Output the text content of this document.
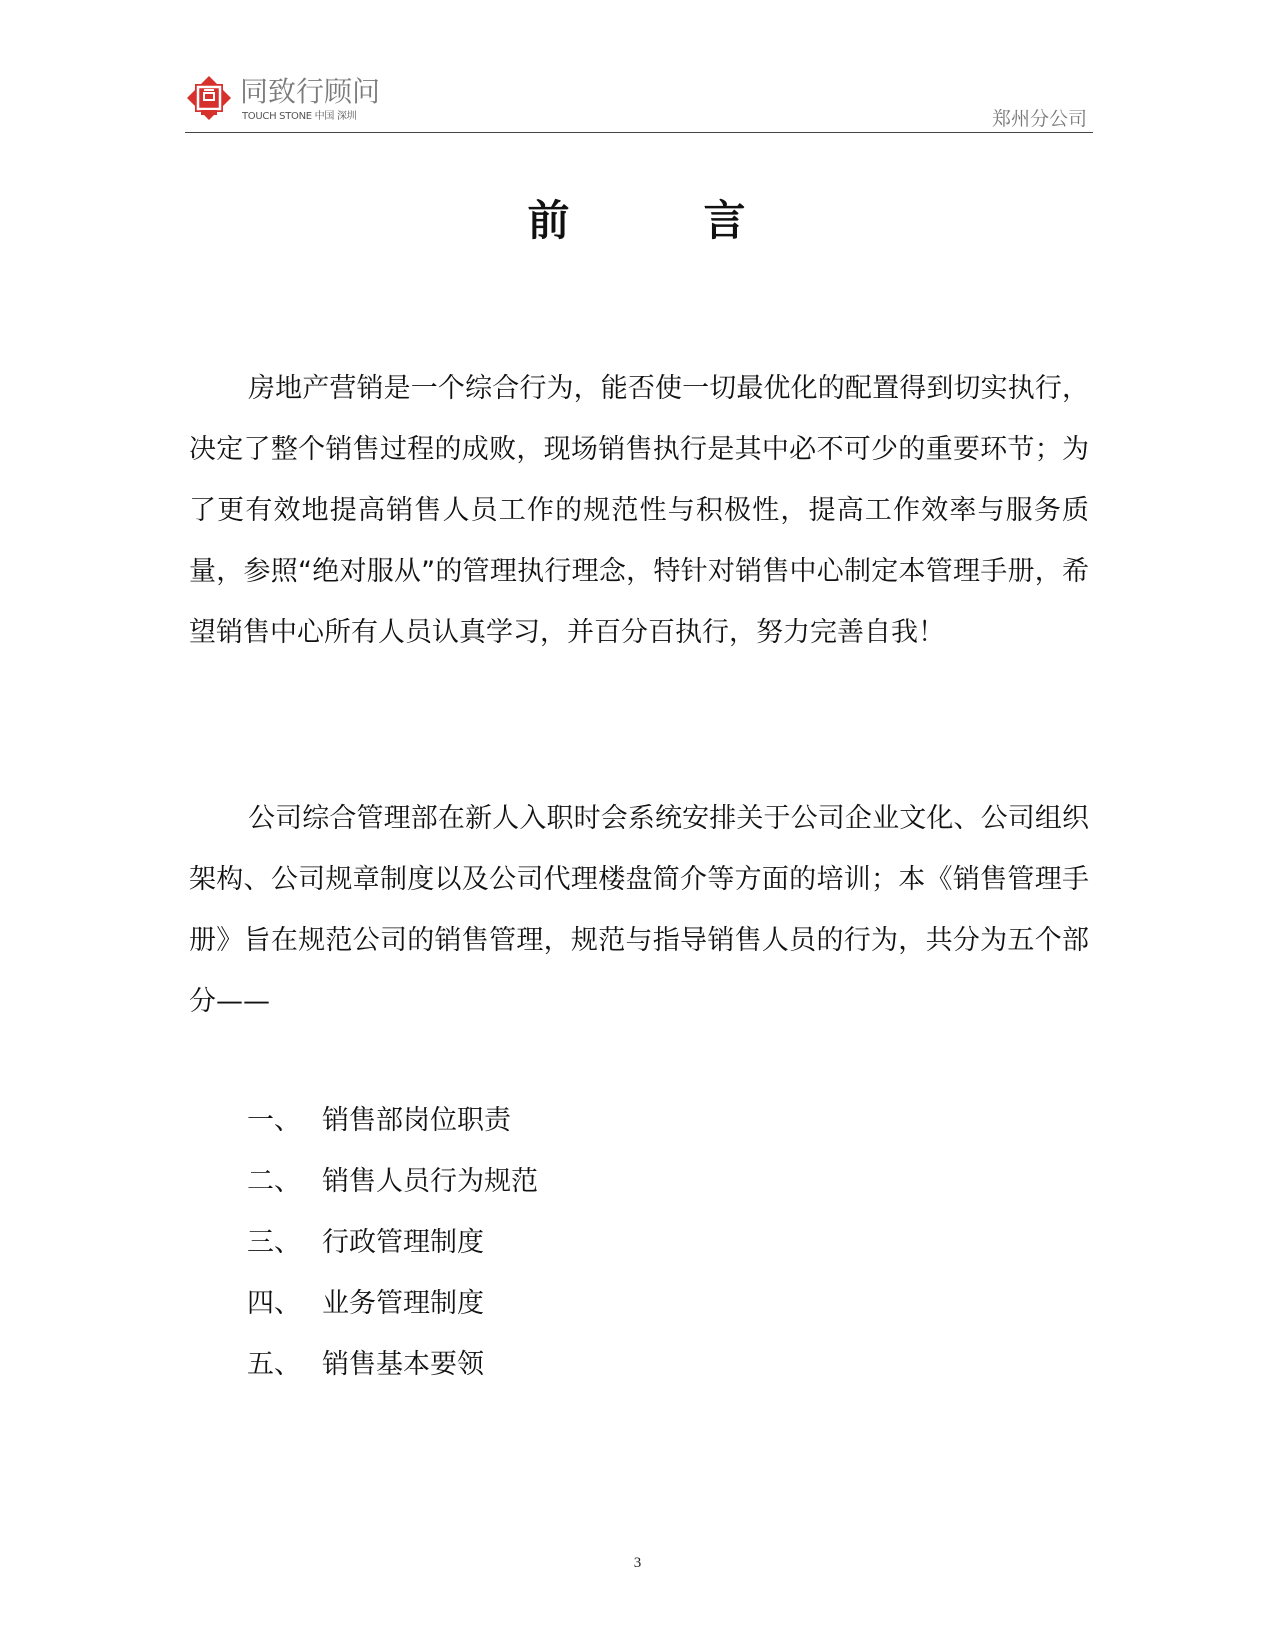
同致行顾问
TOUCH STONE 中国 深圳	郑州分公司
前　　　言

房地产营销是一个综合行为，能否使一切最优化的配置得到切实执行，决定了整个销售过程的成败，现场销售执行是其中必不可少的重要环节；为了更有效地提高销售人员工作的规范性与积极性，提高工作效率与服务质量，参照“绝对服从”的管理执行理念，特针对销售中心制定本管理手册，希望销售中心所有人员认真学习，并百分百执行，努力完善自我！

公司综合管理部在新人入职时会系统安排关于公司企业文化、公司组织架构、公司规章制度以及公司代理楼盘简介等方面的培训；本《销售管理手册》旨在规范公司的销售管理，规范与指导销售人员的行为，共分为五个部分——

一、 销售部岗位职责
二、 销售人员行为规范
三、 行政管理制度
四、 业务管理制度
五、 销售基本要领
3
